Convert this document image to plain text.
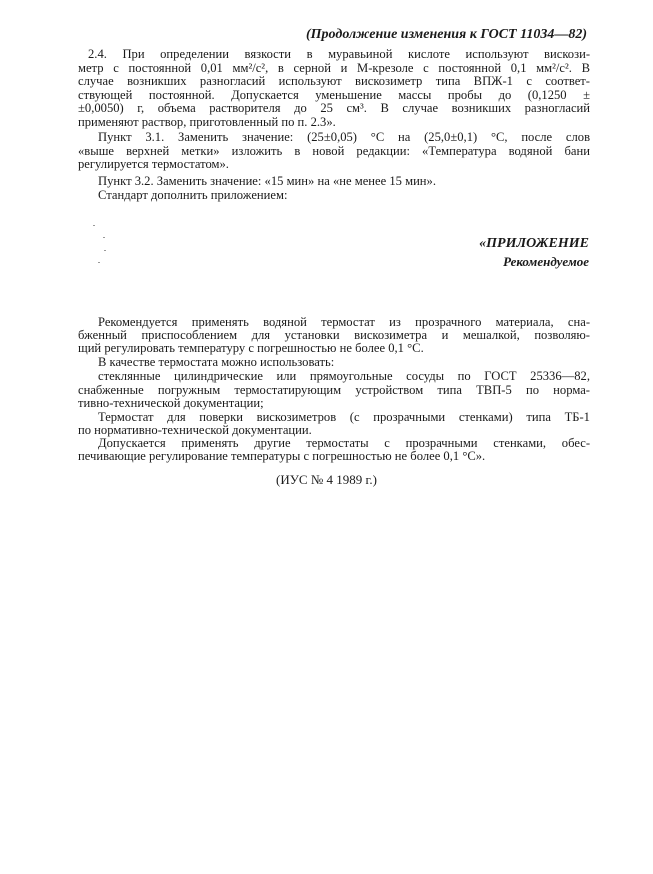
(Продолжение изменения к ГОСТ 11034—82)
2.4. При определении вязкости в муравьиной кислоте используют вискози-
метр с постоянной 0,01 мм²/с², в серной и М-крезоле с постоянной 0,1 мм²/с². В
случае возникших разногласий используют вискозиметр типа ВПЖ-1 с соответ-
ствующей постоянной. Допускается уменьшение массы пробы до (0,1250 ±
±0,0050) г, объема растворителя до 25 см³. В случае возникших разногласий
применяют раствор, приготовленный по п. 2.3».
Пункт 3.1. Заменить значение: (25±0,05) °С на (25,0±0,1) °С, после слов
«выше верхней метки» изложить в новой редакции: «Температура водяной бани
регулируется термостатом».
Пункт 3.2. Заменить значение: «15 мин» на «не менее 15 мин».
Стандарт дополнить приложением:
«ПРИЛОЖЕНИЕ
Рекомендуемое
Рекомендуется применять водяной термостат из прозрачного материала, сна-
бженный приспособлением для установки вискозиметра и мешалкой, позволяю-
щий регулировать температуру с погрешностью не более 0,1 °С.
В качестве термостата можно использовать:
стеклянные цилиндрические или прямоугольные сосуды по ГОСТ 25336—82,
снабженные погружным термостатирующим устройством типа ТВП-5 по норма-
тивно-технической документации;
Термостат для поверки вискозиметров (с прозрачными стенками) типа ТБ-1
по нормативно-технической документации.
Допускается применять другие термостаты с прозрачными стенками, обес-
печивающие регулирование температуры с погрешностью не более 0,1 °С».
(ИУС № 4 1989 г.)
